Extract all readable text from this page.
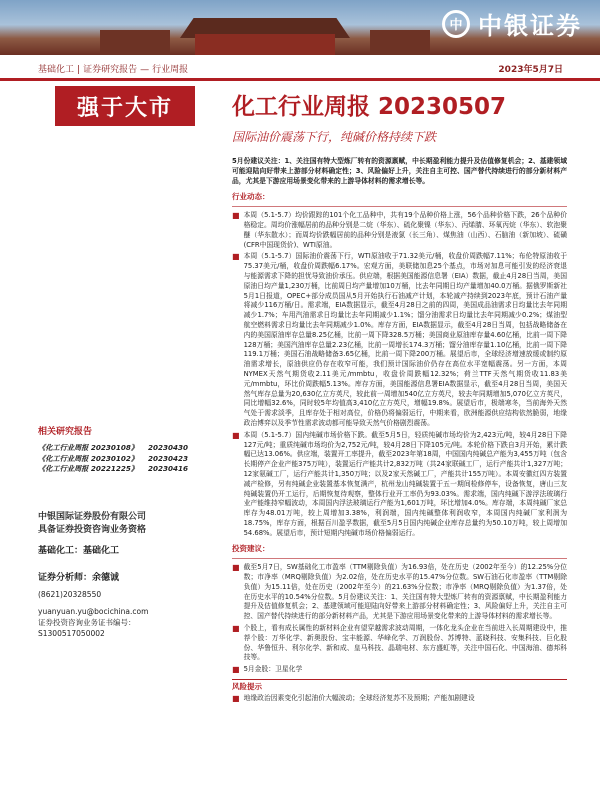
中 中银证券
基础化工 | 证券研究报告 — 行业周报	2023年5月7日
强于大市	化工行业周报 20230507
国际油价震荡下行，纯碱价格持续下跌
相关研究报告
《化工行业周报 20230108》 20230430
《化工行业周报 20230102》 20230423
《化工行业周报 20221225》 20230416
中银国际证券股份有限公司
具备证券投资咨询业务资格
基础化工：基础化工
证券分析师：余德诚
(8621)20328550
yuanyuan.yu@bocichina.com
证券投资咨询业务证书编号：S1300517050002
5月份建议关注：1、关注国有特大型炼厂转有的资源禀赋，中长期盈利能力提升及估值修复机会；2、基建领域可能迎陆向好带来上游部分材料确定性；3、风险偏好上升，关注自主可控、国产替代持续进行的部分新材料产品，尤其是下游应用场景变化带来的上游导体材料的需求增长等。
行业动态：
■ 本周（5.1-5.7）均价跟踪的101个化工品种中，共有19个品种价格上涨，56个品种价格下跌，26个品种价格稳定。周均价涨幅居前的品种分别是二烷（华东）、硫化聚镍（华东）、丙烯腈、环氧丙烷（华东）、软泡聚醚（华东散水）；而周均价跌幅居前的品种分别是液氯（长三角）、煤焦油（山西）、石脑油（新加坡）、硫磺(CFR中国现货价)、WTI原油。
■ 本周（5.1-5.7）国际油价震荡下行，WTI原油收于71.32美元/桶，收盘价周跌幅7.11%；布伦特原油收于75.37美元/桶，收盘价周跌幅6.17%。宏观方面，美联储加息25个基点，市场对加息可能引发的经济衰退与能源需求下降的担忧导致油价承压。供应端，根据美国能源信息署（EIA）数据，截止4月28日当周，美国原油日均产量1,230万桶，比前周日均产量增加10万桶，比去年同期日均产量增加40.0万桶。据俄罗斯新社5月1日报道，OPEC+部分成员国从5月开始执行石油减产计划，本轮减产持续到2023年底，预计石油产量将减少116万桶/日。需求端，EIA数据显示，截至4月28日之前的四周，美国成品油需求日均量比去年同期减少1.7%；车用汽油需求日均量比去年同期减少1.1%；馏分油需求日均量比去年同期减少0.2%；煤油型航空燃料需求日均量比去年同期减少1.0%。库存方面，EIA数据显示，截至4月28日当周，包括战略储备在内的美国原油库存总量8.25亿桶，比前一周下降328.5万桶；美国商业原油库存量4.60亿桶，比前一周下降128万桶；美国汽油库存总量2.23亿桶，比前一周增长174.3万桶；馏分油库存量1.10亿桶，比前一周下降119.1万桶；美国石油战略储备3.65亿桶，比前一周下降200万桶。展望后市，全球经济增速放缓或制约原油需求增长，原油供应仍存在收窄可能，我们预计国际油价仍存在高位水平宽幅震荡。另一方面，本周NYMEX天然气期货收2.11美元/mmbtu，收盘价周跌幅12.32%；荷兰TTF天然气期货收11.83美元/mmbtu，环比价周跌幅5.13%。库存方面，美国能源信息署EIA数据显示，截至4月28日当周，美国天然气库存总量为20,630亿立方英尺，较此前一周增加540亿立方英尺，较去年同期增加5,070亿立方英尺，同比增幅32.6%，同时较5年均值高3,410亿立方英尺，增幅19.8%。展望后市，极端寒冬，当前海外天然气处于需求淡季，且库存处于相对高位，价格仍将偏弱运行，中期来看，欧洲能源供应结构依然脆弱，地缘政治博弈以及季节性需求波动都可能导致天然气价格剧烈震荡。
■ 本周（5.1-5.7）国内纯碱市场价格下跌。截至5月5日，轻质纯碱市场均价为2,423元/吨，较4月28日下降127元/吨；重质纯碱市场均价为2,752元/吨，较4月28日下降105元/吨。本轮价格下跌自3月开始，累计跌幅已达13.06%。供应端，装置开工率提升，截至2023年第18周，中国国内纯碱总产能为3,455万吨（包含长期停产企业产能375万吨），装置运行产能共计2,832万吨（共24家联碱工厂，运行产能共计1,327万吨；12家氨碱工厂，运行产能共计1,350万吨；以及2家天然碱工厂，产能共计155万吨）。本周安徽红四方装置减产检修，另有纯碱企业装置基本恢复满产，杭州龙山纯碱装置于五一期间检修停车，设备恢复，唐山三友纯碱装置仍开工运行，后期恢复待观察，整体行业开工率仍为93.03%。需求端，国内纯碱下游浮法玻璃行业产能维持窄幅波动，本周国内浮法玻璃运行产能为1,601万吨，环比增加4.0%。库存端，本周纯碱厂家总库存为48.01万吨，较上周增加3.38%，利润端，国内纯碱整体利润收窄，本周国内纯碱厂家利润为18.75%，库存方面，根据百川盈孚数据，截至5月5日国内纯碱企业库存总量约为50.10万吨，较上周增加54.68%。展望后市，预计短期内纯碱市场价格偏弱运行。
投资建议：
■ 截至5月7日，SW基础化工市盈率（TTM剔除负值）为16.93倍，处在历史（2002年至今）的12.25%分位数；市净率（MRQ剔除负值）为2.02倍，处在历史水平的15.47%分位数。SW石油石化市盈率（TTM剔除负值）为15.11倍，处在历史（2002年至今）的21.63%分位数；市净率（MRQ剔除负值）为1.37倍，处在历史水平的10.54%分位数。5月份建议关注：1、关注国有特大型炼厂转有的资源禀赋，中长期盈利能力提升及估值修复机会；2、基建领域可能迎陆向好带来上游部分材料确定性；3、风险偏好上升，关注自主可控、国产替代持续进行的部分新材料产品，尤其是下游应用场景变化带来的上游导体材料的需求增长等。
■ 个股上，看有成长属性的新材料企业有望穿越需求波动周期，一体化龙头企业在当前进入长周期建设中，推荐个股：万华化学、新奥股份、宝丰能源、华峰化学、万润股份、苏博特、蓝晓科技、安集科技、巨化股份、华鲁恒升、利尔化学、新和成、皇马科技、晶瑞电材、东方盛虹等，关注中国石化、中国海油、德邦科技等。
■ 5月金股：卫星化学
风险提示
■ 地缘政治因素变化引起油价大幅波动；全球经济复苏不及预期；产能加剧建设
